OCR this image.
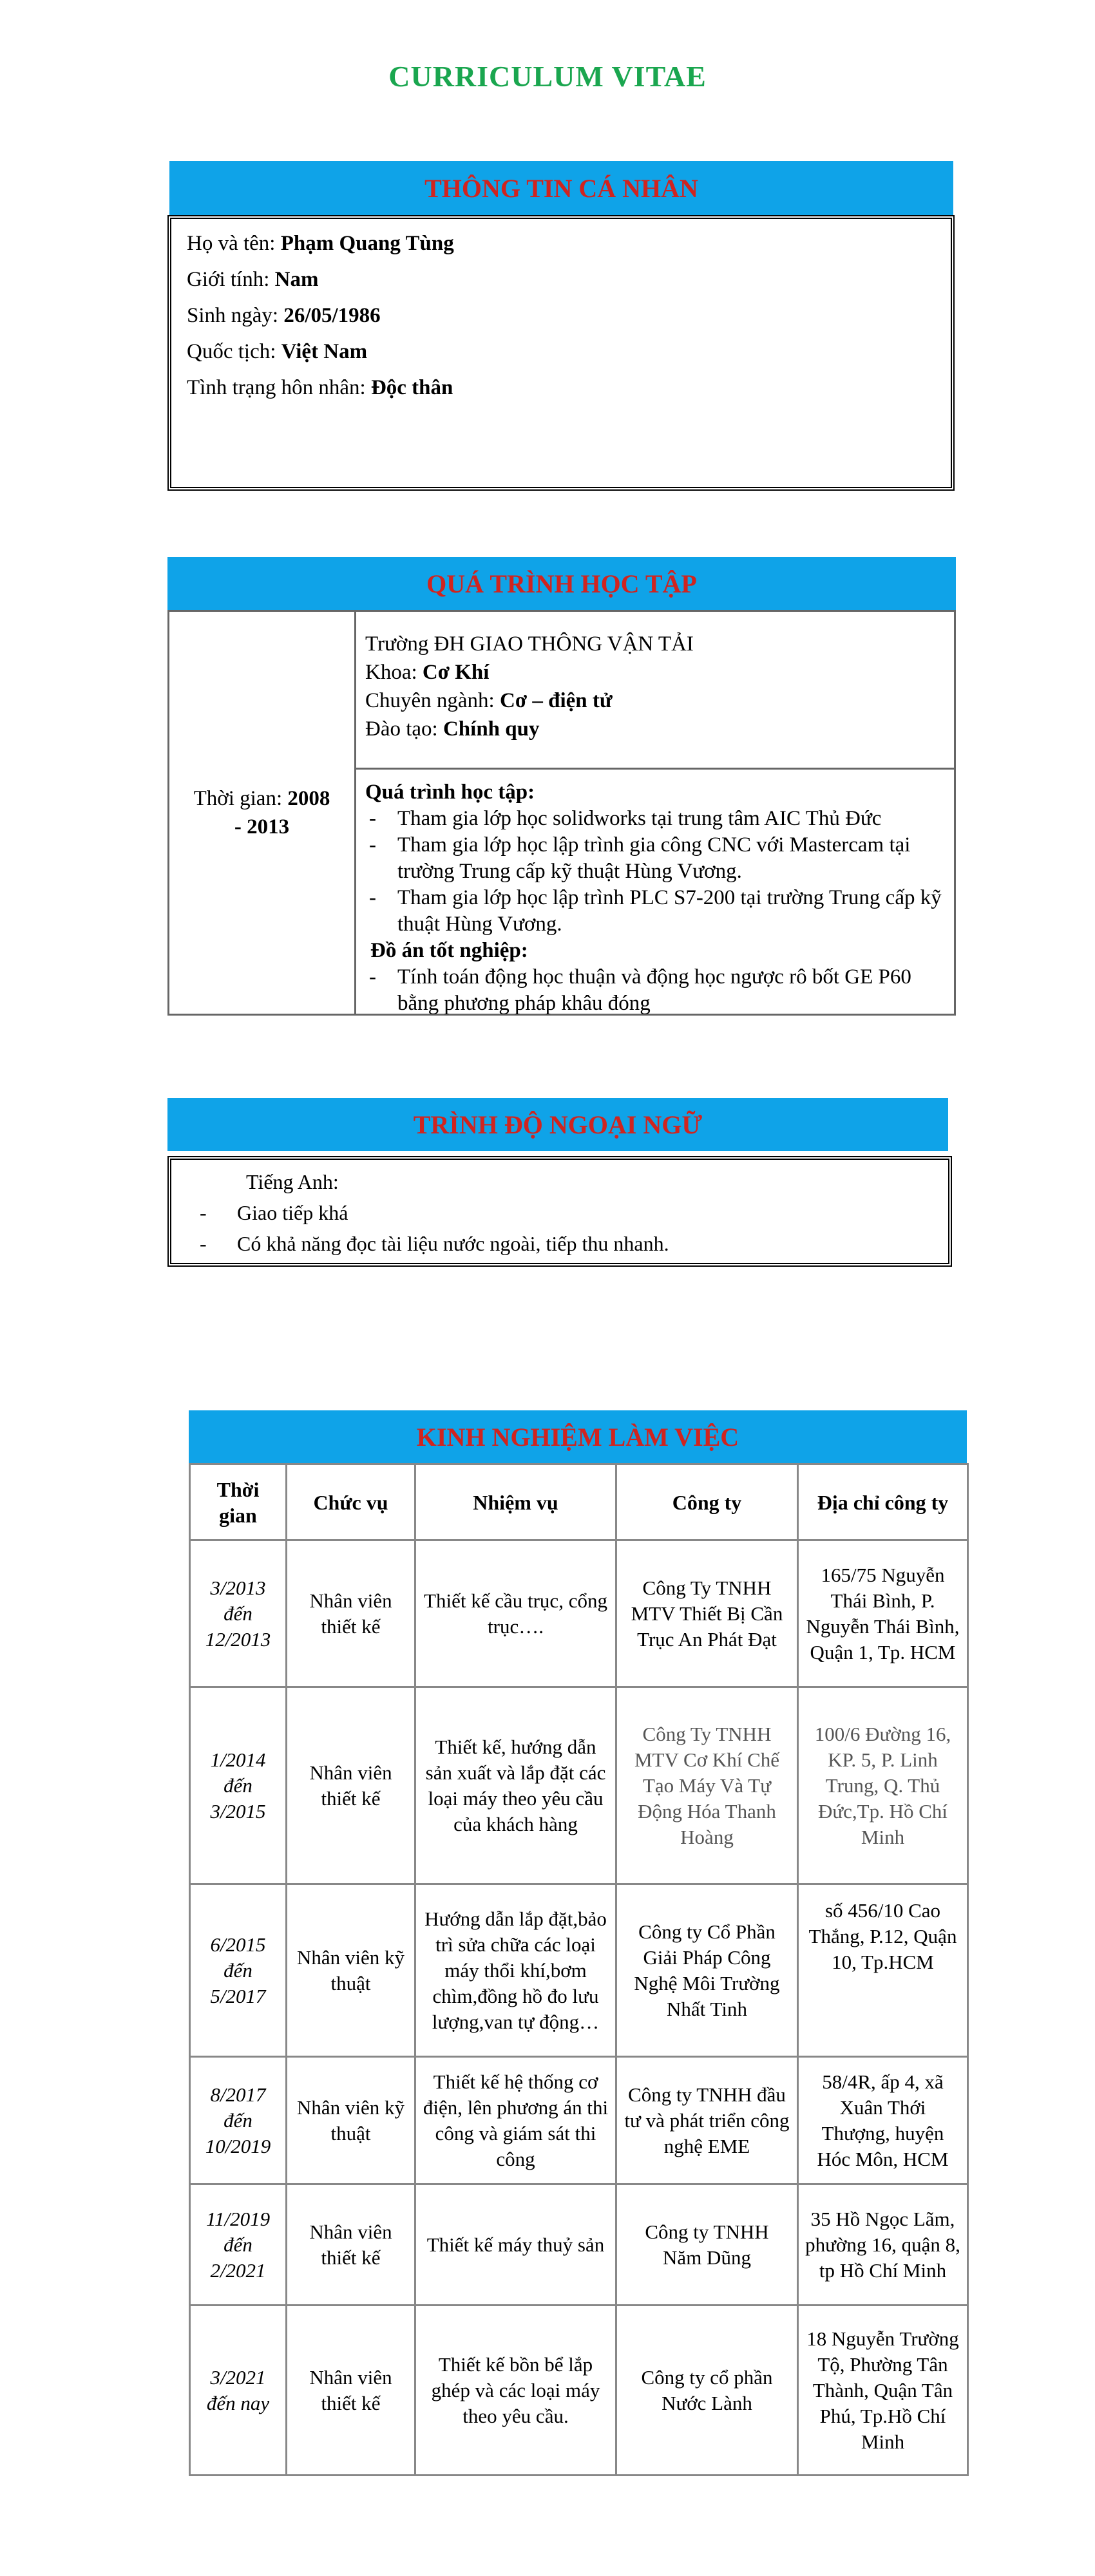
CURRICULUM VITAE
THÔNG TIN CÁ NHÂN
Họ và tên: Phạm Quang Tùng
Giới tính: Nam
Sinh ngày: 26/05/1986
Quốc tịch: Việt Nam
Tình trạng hôn nhân: Độc thân
QUÁ TRÌNH HỌC TẬP
Thời gian: 2008
- 2013
Trường ĐH GIAO THÔNG VẬN TẢI
Khoa: Cơ Khí
Chuyên ngành: Cơ – điện tử
Đào tạo: Chính quy
Quá trình học tập:
-	Tham gia lớp học solidworks tại trung tâm AIC Thủ Đức
-	Tham gia lớp học lập trình gia công CNC với Mastercam tại trường Trung cấp kỹ thuật Hùng Vương.
-	Tham gia lớp học lập trình PLC S7-200 tại trường Trung cấp kỹ thuật Hùng Vương.
Đồ án tốt nghiệp:
-	Tính toán động học thuận và động học ngược rô bốt GE P60 bằng phương pháp khâu đóng
TRÌNH ĐỘ NGOẠI NGỮ
Tiếng Anh:
-	Giao tiếp khá
-	Có khả năng đọc tài liệu nước ngoài, tiếp thu nhanh.
KINH NGHIỆM LÀM VIỆC
Thời gian	Chức vụ	Nhiệm vụ	Công ty	Địa chỉ công ty
3/2013 đến 12/2013	Nhân viên thiết kế	Thiết kế cầu trục, cổng trục….	Công Ty TNHH MTV Thiết Bị Cần Trục An Phát Đạt	165/75 Nguyễn Thái Bình, P. Nguyễn Thái Bình, Quận 1, Tp. HCM
1/2014 đến 3/2015	Nhân viên thiết kế	Thiết kế, hướng dẫn sản xuất và lắp đặt các loại máy theo yêu cầu của khách hàng	Công Ty TNHH MTV Cơ Khí Chế Tạo Máy Và Tự Động Hóa Thanh Hoàng	100/6 Đường 16, KP. 5, P. Linh Trung, Q. Thủ Đức,Tp. Hồ Chí Minh
6/2015 đến 5/2017	Nhân viên kỹ thuật	Hướng dẫn lắp đặt,bảo trì sửa chữa các loại máy thổi khí,bơm chìm,đồng hồ đo lưu lượng,van tự động…	Công ty Cổ Phần Giải Pháp Công Nghệ Môi Trường Nhất Tinh	số 456/10 Cao Thắng, P.12, Quận 10, Tp.HCM
8/2017 đến 10/2019	Nhân viên kỹ thuật	Thiết kế hệ thống cơ điện, lên phương án thi công và giám sát thi công	Công ty TNHH đầu tư và phát triển công nghệ EME	58/4R, ấp 4, xã Xuân Thới Thượng, huyện Hóc Môn, HCM
11/2019 đến 2/2021	Nhân viên thiết kế	Thiết kế máy thuỷ sản	Công ty TNHH Năm Dũng	35 Hồ Ngọc Lãm, phường 16, quận 8, tp Hồ Chí Minh
3/2021 đến nay	Nhân viên thiết kế	Thiết kế bồn bể lắp ghép và các loại máy theo yêu cầu.	Công ty cổ phần Nước Lành	18 Nguyễn Trường Tộ, Phường Tân Thành, Quận Tân Phú, Tp.Hồ Chí Minh
